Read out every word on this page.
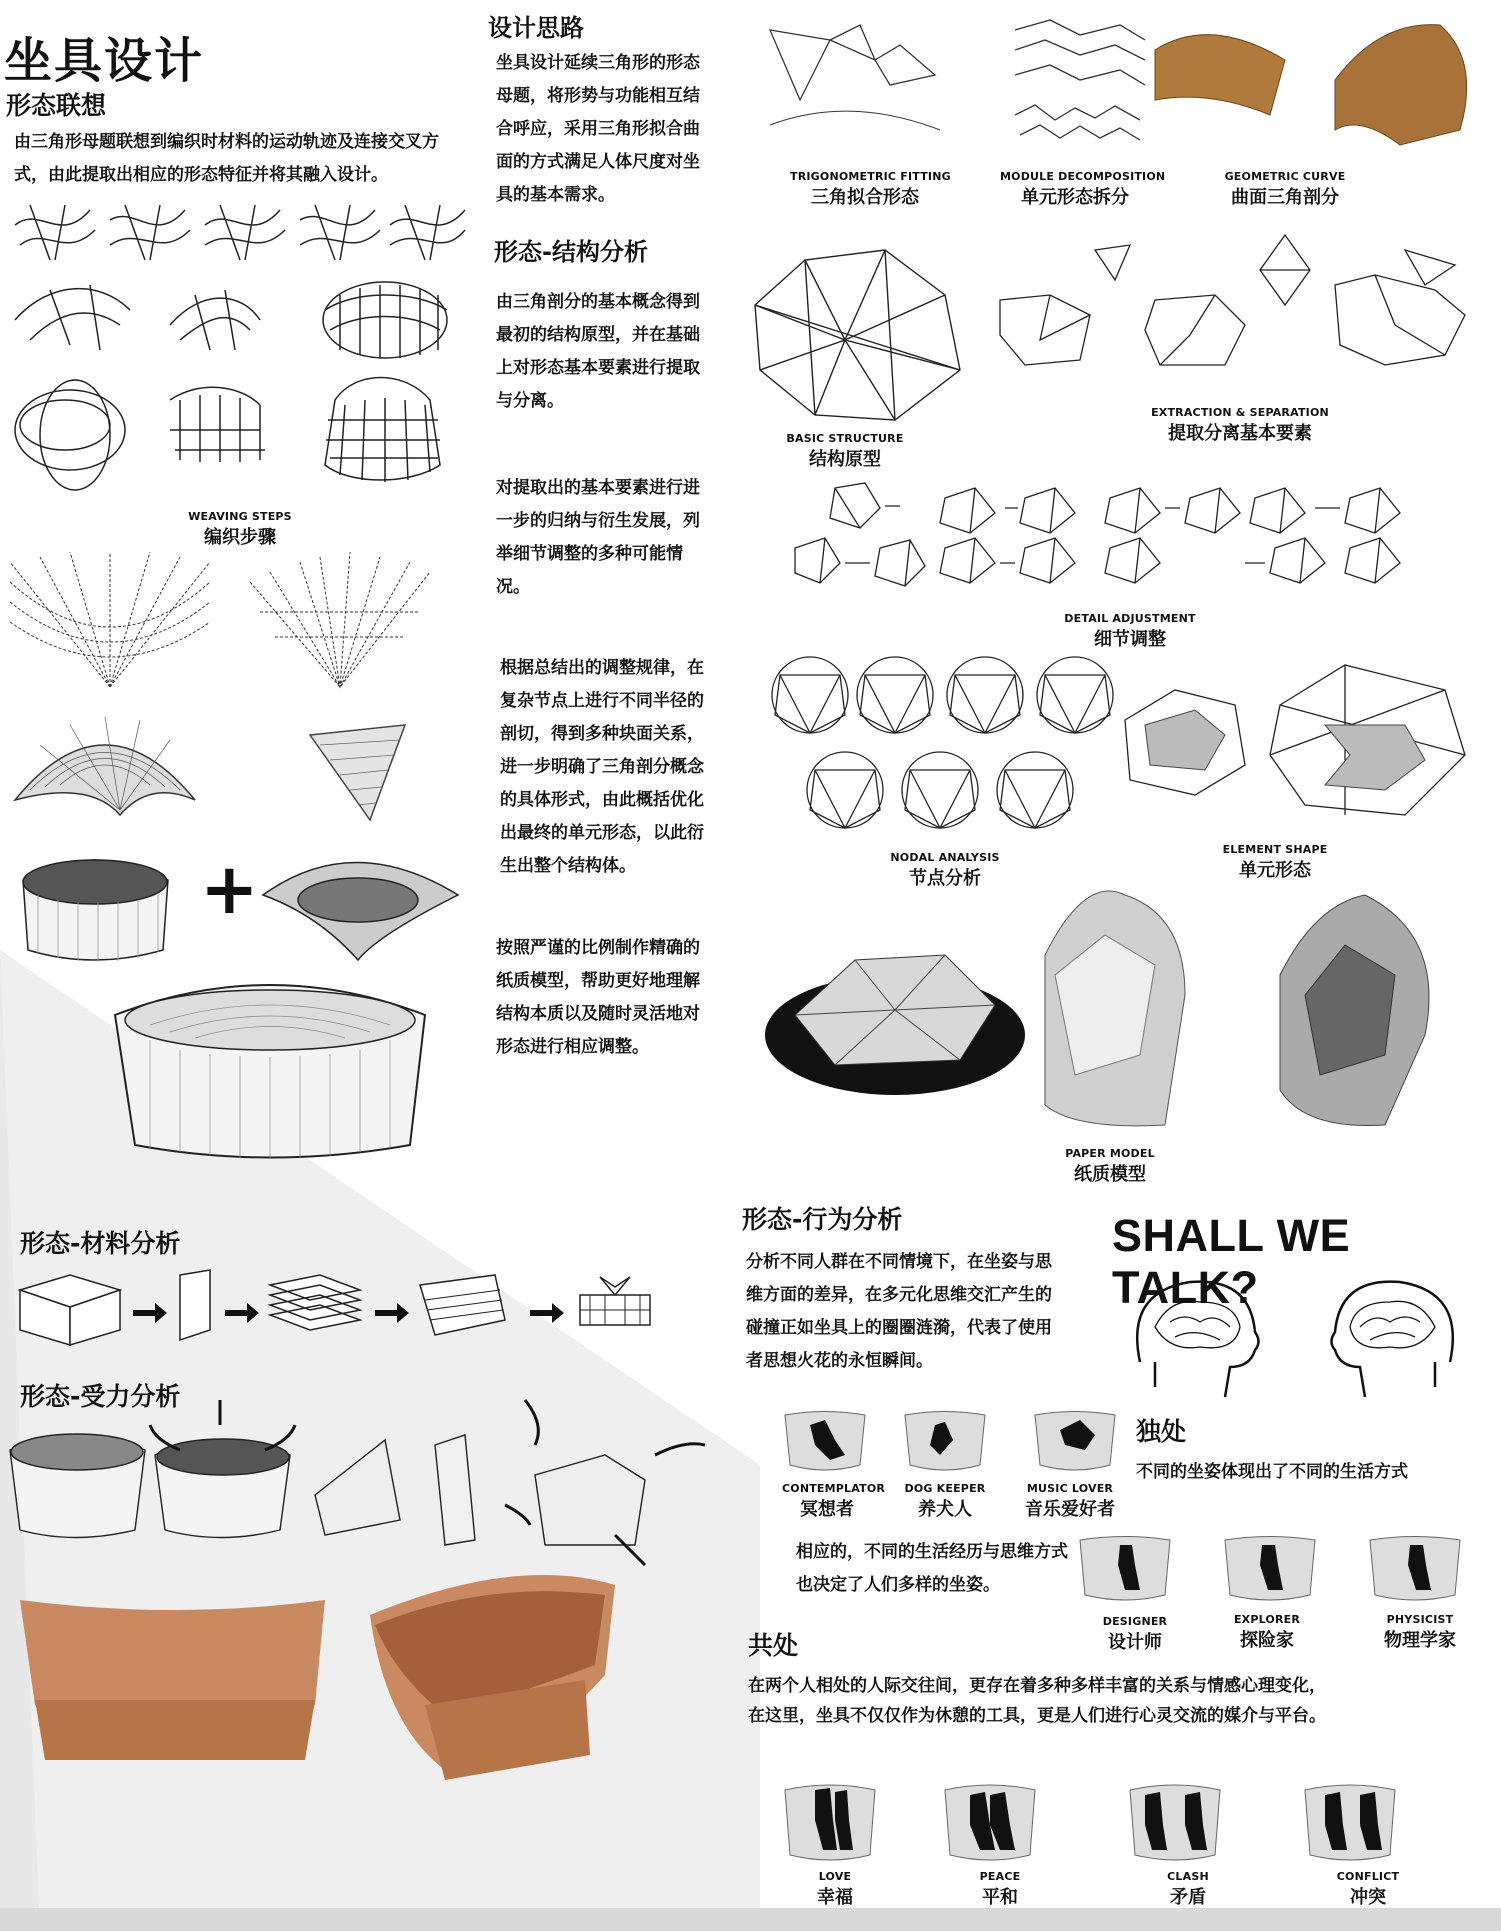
坐具设计
形态联想
由三角形母题联想到编织时材料的运动轨迹及连接交叉方式，由此提取出相应的形态特征并将其融入设计。
WEAVING STEPS
编织步骤
+
设计思路
坐具设计延续三角形的形态母题，将形势与功能相互结合呼应，采用三角形拟合曲面的方式满足人体尺度对坐具的基本需求。
形态-结构分析
由三角剖分的基本概念得到最初的结构原型，并在基础上对形态基本要素进行提取与分离。
对提取出的基本要素进行进一步的归纳与衍生发展，列举细节调整的多种可能情况。
根据总结出的调整规律，在复杂节点上进行不同半径的剖切，得到多种块面关系，进一步明确了三角剖分概念的具体形式，由此概括优化出最终的单元形态，以此衍生出整个结构体。
按照严谨的比例制作精确的纸质模型，帮助更好地理解结构本质以及随时灵活地对形态进行相应调整。
TRIGONOMETRIC FITTING
三角拟合形态
MODULE DECOMPOSITION
单元形态拆分
GEOMETRIC CURVE
曲面三角剖分
BASIC STRUCTURE
结构原型
EXTRACTION & SEPARATION
提取分离基本要素
DETAIL ADJUSTMENT
细节调整
NODAL ANALYSIS
节点分析
ELEMENT SHAPE
单元形态
PAPER MODEL
纸质模型
形态-材料分析
形态-受力分析
形态-行为分析
分析不同人群在不同情境下，在坐姿与思维方面的差异，在多元化思维交汇产生的碰撞正如坐具上的圈圈涟漪，代表了使用者思想火花的永恒瞬间。
SHALL WE TALK?
CONTEMPLATOR
冥想者
DOG KEEPER
养犬人
MUSIC LOVER
音乐爱好者
独处
不同的坐姿体现出了不同的生活方式
相应的，不同的生活经历与思维方式也决定了人们多样的坐姿。
DESIGNER
设计师
EXPLORER
探险家
PHYSICIST
物理学家
共处
在两个人相处的人际交往间，更存在着多种多样丰富的关系与情感心理变化，
在这里，坐具不仅仅作为休憩的工具，更是人们进行心灵交流的媒介与平台。
LOVE
幸福
PEACE
平和
CLASH
矛盾
CONFLICT
冲突
